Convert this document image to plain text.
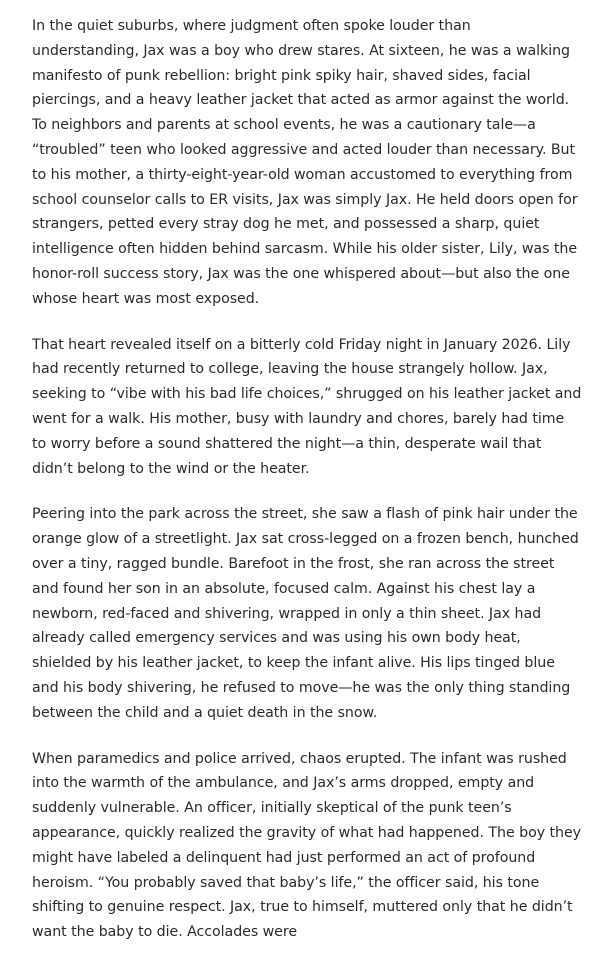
In the quiet suburbs, where judgment often spoke louder than understanding, Jax was a boy who drew stares. At sixteen, he was a walking manifesto of punk rebellion: bright pink spiky hair, shaved sides, facial piercings, and a heavy leather jacket that acted as armor against the world. To neighbors and parents at school events, he was a cautionary tale—a “troubled” teen who looked aggressive and acted louder than necessary. But to his mother, a thirty-eight-year-old woman accustomed to everything from school counselor calls to ER visits, Jax was simply Jax. He held doors open for strangers, petted every stray dog he met, and possessed a sharp, quiet intelligence often hidden behind sarcasm. While his older sister, Lily, was the honor-roll success story, Jax was the one whispered about—but also the one whose heart was most exposed.

That heart revealed itself on a bitterly cold Friday night in January 2026. Lily had recently returned to college, leaving the house strangely hollow. Jax, seeking to “vibe with his bad life choices,” shrugged on his leather jacket and went for a walk. His mother, busy with laundry and chores, barely had time to worry before a sound shattered the night—a thin, desperate wail that didn’t belong to the wind or the heater.

Peering into the park across the street, she saw a flash of pink hair under the orange glow of a streetlight. Jax sat cross-legged on a frozen bench, hunched over a tiny, ragged bundle. Barefoot in the frost, she ran across the street and found her son in an absolute, focused calm. Against his chest lay a newborn, red-faced and shivering, wrapped in only a thin sheet. Jax had already called emergency services and was using his own body heat, shielded by his leather jacket, to keep the infant alive. His lips tinged blue and his body shivering, he refused to move—he was the only thing standing between the child and a quiet death in the snow.

When paramedics and police arrived, chaos erupted. The infant was rushed into the warmth of the ambulance, and Jax’s arms dropped, empty and suddenly vulnerable. An officer, initially skeptical of the punk teen’s appearance, quickly realized the gravity of what had happened. The boy they might have labeled a delinquent had just performed an act of profound heroism. “You probably saved that baby’s life,” the officer said, his tone shifting to genuine respect. Jax, true to himself, muttered only that he didn’t want the baby to die. Accolades were
